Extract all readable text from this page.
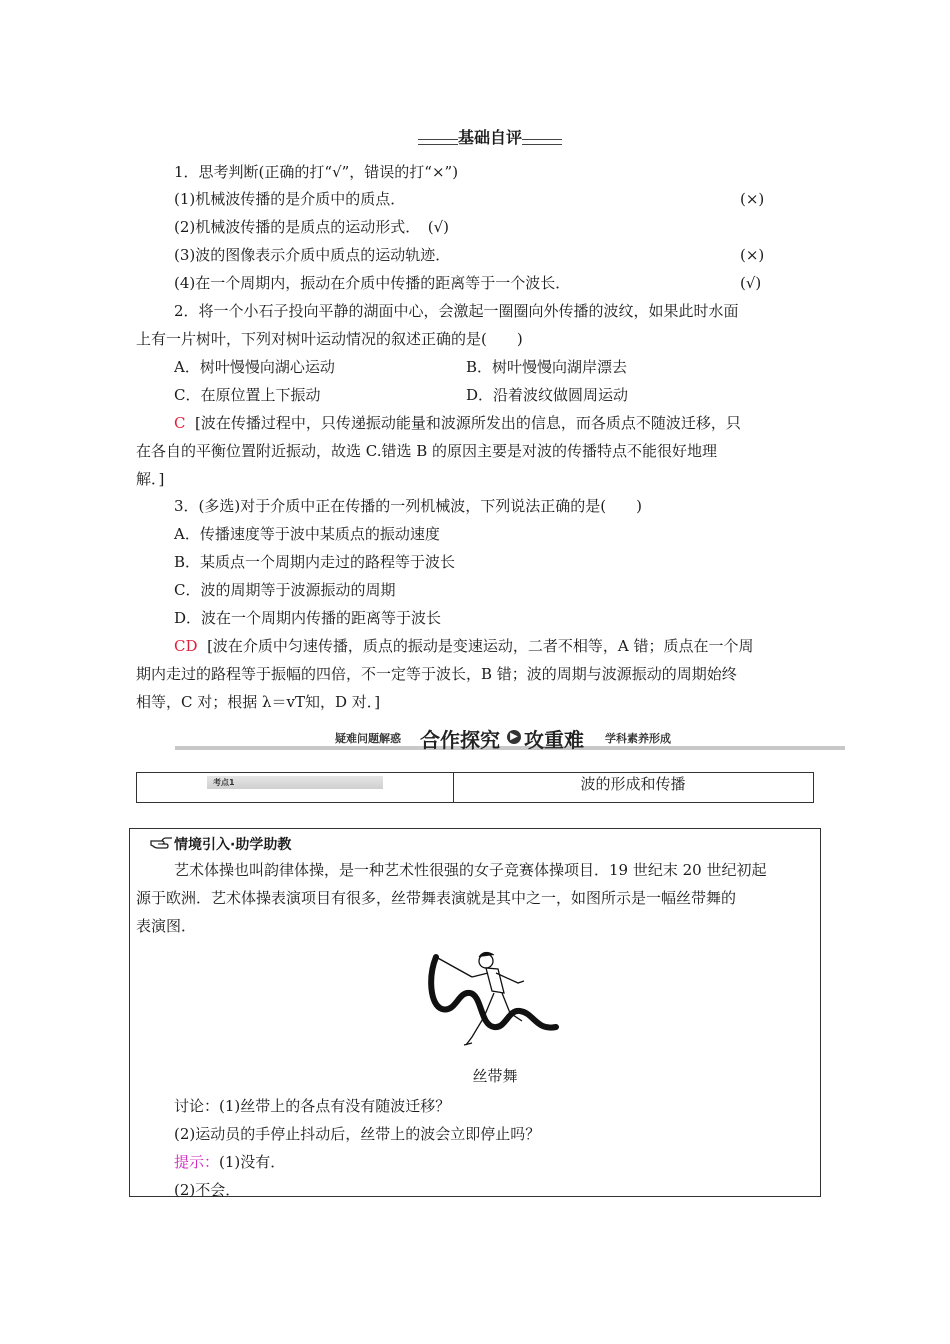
基础自评
1．思考判断(正确的打“√”，错误的打“×”)
(1)机械波传播的是介质中的质点．	(×)
(2)机械波传播的是质点的运动形式．　(√)
(3)波的图像表示介质中质点的运动轨迹．	(×)
(4)在一个周期内，振动在介质中传播的距离等于一个波长．	(√)
2．将一个小石子投向平静的湖面中心，会激起一圈圈向外传播的波纹，如果此时水面
上有一片树叶，下列对树叶运动情况的叙述正确的是(　　)
A．树叶慢慢向湖心运动	B．树叶慢慢向湖岸漂去
C．在原位置上下振动	D．沿着波纹做圆周运动
C [波在传播过程中，只传递振动能量和波源所发出的信息，而各质点不随波迁移，只
在各自的平衡位置附近振动，故选 C.错选 B 的原因主要是对波的传播特点不能很好地理
解．]
3．(多选)对于介质中正在传播的一列机械波，下列说法正确的是(　　)
A．传播速度等于波中某质点的振动速度
B．某质点一个周期内走过的路程等于波长
C．波的周期等于波源振动的周期
D．波在一个周期内传播的距离等于波长
CD [波在介质中匀速传播，质点的振动是变速运动，二者不相等，A 错；质点在一个周
期内走过的路程等于振幅的四倍，不一定等于波长，B 错；波的周期与波源振动的周期始终
相等，C 对；根据 λ＝vT知，D 对．]
疑难问题解惑 合作探究	▶ 攻重难 学科素养形成
考点1	波的形成和传播
情境引入·助学助教
艺术体操也叫韵律体操，是一种艺术性很强的女子竞赛体操项目．19 世纪末 20 世纪初起
源于欧洲．艺术体操表演项目有很多，丝带舞表演就是其中之一，如图所示是一幅丝带舞的
表演图．
丝带舞
讨论：(1)丝带上的各点有没有随波迁移？
(2)运动员的手停止抖动后，丝带上的波会立即停止吗？
提示：(1)没有．
(2)不会．
